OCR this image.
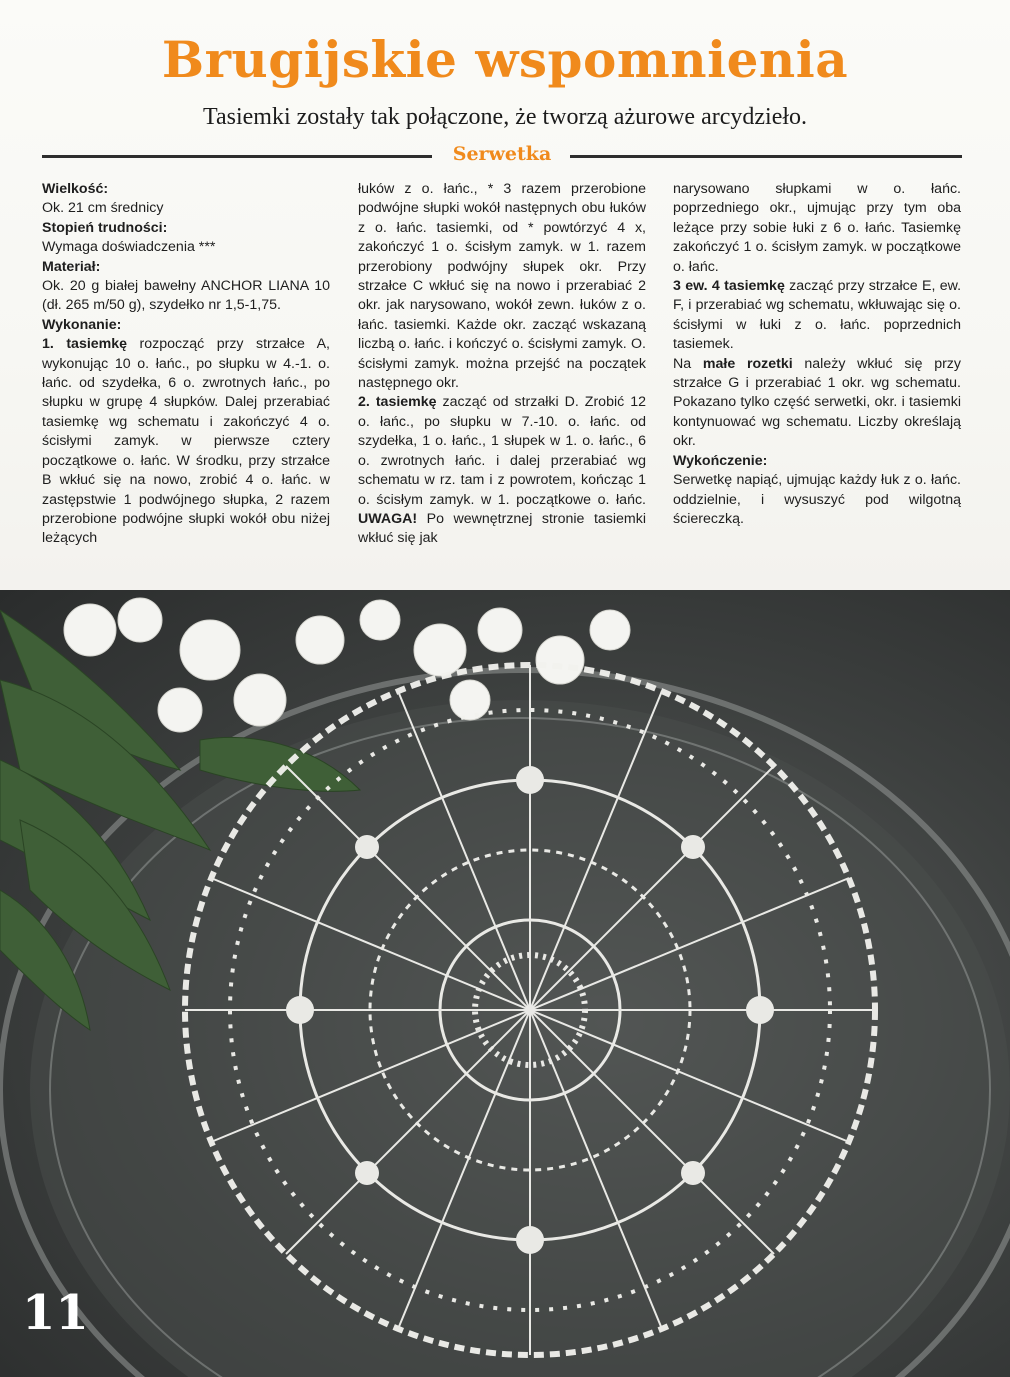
Brugijskie wspomnienia
Tasiemki zostały tak połączone, że tworzą ażurowe arcydzieło.
Serwetka

Wielkość:

Ok. 21 cm średnicy

Stopień trudności:

Wymaga doświadczenia ***

Materiał:

Ok. 20 g białej bawełny ANCHOR LIANA 10 (dł. 265 m/50 g), szydełko nr 1,5-1,75.

Wykonanie:

1. tasiemkę rozpocząć przy strzałce A, wykonując 10 o. łańc., po słupku w 4.-1. o. łańc. od szydełka, 6 o. zwrotnych łańc., po słupku w grupę 4 słupków. Dalej przerabiać tasiemkę wg schematu i zakończyć 4 o. ścisłymi zamyk. w pierwsze cztery początkowe o. łańc. W środku, przy strzałce B wkłuć się na nowo, zrobić 4 o. łańc. w zastępstwie 1 podwójnego słupka, 2 razem przerobione podwójne słupki wokół obu niżej leżących

łuków z o. łańc., * 3 razem przerobione podwójne słupki wokół następnych obu łuków z o. łańc. tasiemki, od * powtórzyć 4 x, zakończyć 1 o. ścisłym zamyk. w 1. razem przerobiony podwójny słupek okr. Przy strzałce C wkłuć się na nowo i przerabiać 2 okr. jak narysowano, wokół zewn. łuków z o. łańc. tasiemki. Każde okr. zacząć wskazaną liczbą o. łańc. i kończyć o. ścisłymi zamyk. O. ścisłymi zamyk. można przejść na początek następnego okr.

2. tasiemkę zacząć od strzałki D. Zrobić 12 o. łańc., po słupku w 7.-10. o. łańc. od szydełka, 1 o. łańc., 1 słupek w 1. o. łańc., 6 o. zwrotnych łańc. i dalej przerabiać wg schematu w rz. tam i z powrotem, kończąc 1 o. ścisłym zamyk. w 1. początkowe o. łańc. UWAGA! Po wewnętrznej stronie tasiemki wkłuć się jak

narysowano słupkami w o. łańc. poprzedniego okr., ujmując przy tym oba leżące przy sobie łuki z 6 o. łańc. Tasiemkę zakończyć 1 o. ścisłym zamyk. w początkowe o. łańc.

3 ew. 4 tasiemkę zacząć przy strzałce E, ew. F, i przerabiać wg schematu, wkłuwając się o. ścisłymi w łuki z o. łańc. poprzednich tasiemek.

Na małe rozetki należy wkłuć się przy strzałce G i przerabiać 1 okr. wg schematu. Pokazano tylko część serwetki, okr. i tasiemki kontynuować wg schematu. Liczby określają okr.

Wykończenie:

Serwetkę napiąć, ujmując każdy łuk z o. łańc. oddzielnie, i wysuszyć pod wilgotną ściereczką.

11
